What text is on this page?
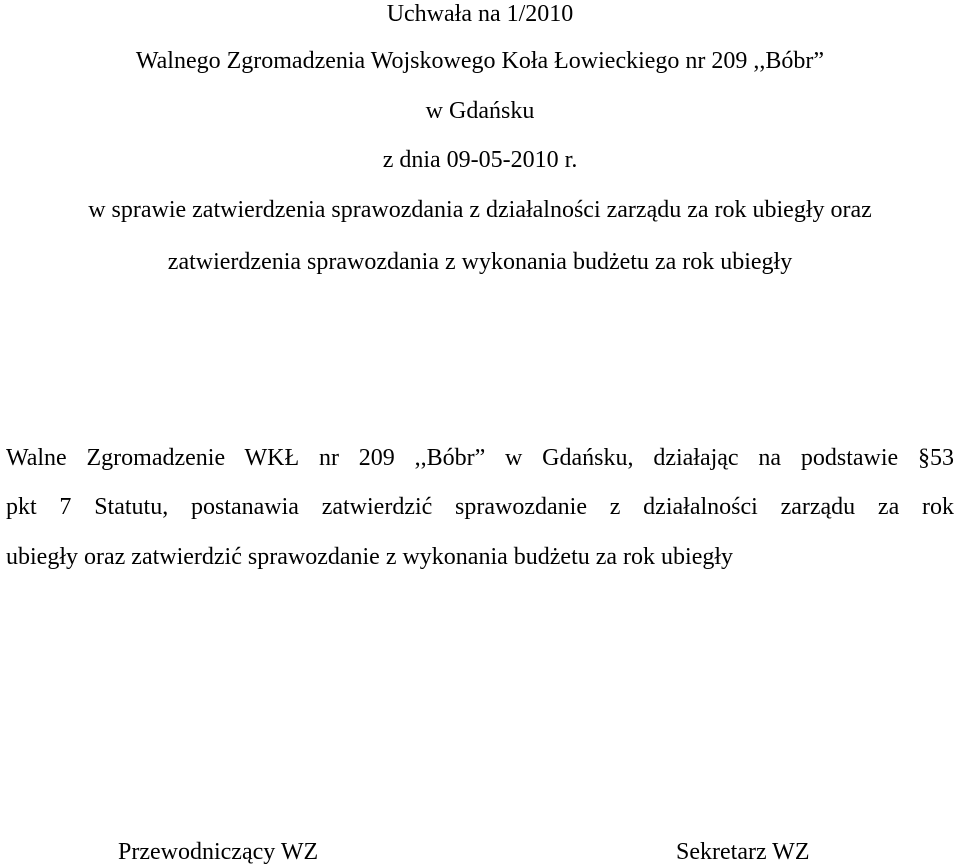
Uchwała na 1/2010
Walnego Zgromadzenia Wojskowego Koła Łowieckiego nr 209 ,,Bóbr”
w Gdańsku
z dnia 09-05-2010 r.
w sprawie zatwierdzenia sprawozdania z działalności zarządu za rok ubiegły oraz
zatwierdzenia sprawozdania z wykonania budżetu za rok ubiegły
Walne Zgromadzenie WKŁ nr 209 ,,Bóbr” w Gdańsku, działając na podstawie §53
pkt 7 Statutu, postanawia zatwierdzić sprawozdanie z działalności zarządu za rok
ubiegły oraz zatwierdzić sprawozdanie z wykonania budżetu za rok ubiegły
Przewodniczący WZ	Sekretarz WZ
